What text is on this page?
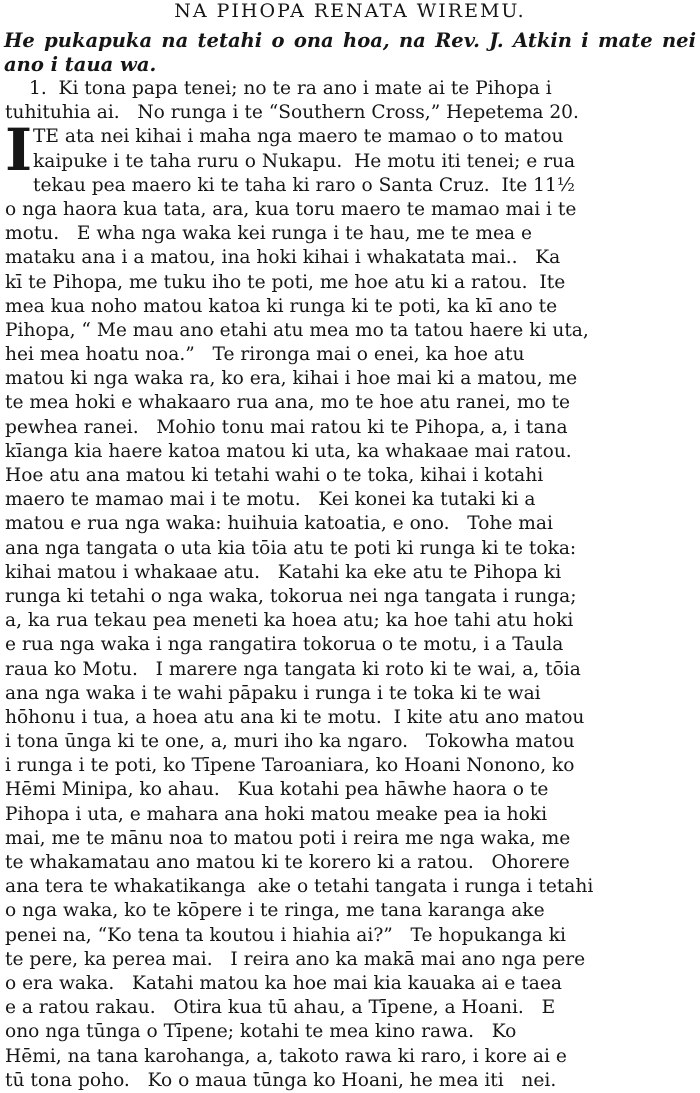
NA PIHOPA RENATA WIREMU.
He pukapuka na tetahi o ona hoa, na Rev. J. Atkin i mate nei ano i taua wa.
I
1.  Ki tona papa tenei; no te ra ano i mate ai te Pihopa i
tuhituhia ai.   No runga i te “Southern Cross,” Hepetema 20.
TE ata nei kihai i maha nga maero te mamao o to matou
kaipuke i te taha ruru o Nukapu.  He motu iti tenei; e rua
tekau pea maero ki te taha ki raro o Santa Cruz.  Ite 11½
o nga haora kua tata, ara, kua toru maero te mamao mai i te
motu.   E wha nga waka kei runga i te hau, me te mea e
mataku ana i a matou, ina hoki kihai i whakatata mai..   Ka
kī te Pihopa, me tuku iho te poti, me hoe atu ki a ratou.  Ite
mea kua noho matou katoa ki runga ki te poti, ka kī ano te
Pihopa, “ Me mau ano etahi atu mea mo ta tatou haere ki uta,
hei mea hoatu noa.”   Te rironga mai o enei, ka hoe atu
matou ki nga waka ra, ko era, kihai i hoe mai ki a matou, me
te mea hoki e whakaaro rua ana, mo te hoe atu ranei, mo te
pewhea ranei.   Mohio tonu mai ratou ki te Pihopa, a, i tana
kīanga kia haere katoa matou ki uta, ka whakaae mai ratou.
Hoe atu ana matou ki tetahi wahi o te toka, kihai i kotahi
maero te mamao mai i te motu.   Kei konei ka tutaki ki a
matou e rua nga waka: huihuia katoatia, e ono.   Tohe mai
ana nga tangata o uta kia tōia atu te poti ki runga ki te toka:
kihai matou i whakaae atu.   Katahi ka eke atu te Pihopa ki
runga ki tetahi o nga waka, tokorua nei nga tangata i runga;
a, ka rua tekau pea meneti ka hoea atu; ka hoe tahi atu hoki
e rua nga waka i nga rangatira tokorua o te motu, i a Taula
raua ko Motu.   I marere nga tangata ki roto ki te wai, a, tōia
ana nga waka i te wahi pāpaku i runga i te toka ki te wai
hōhonu i tua, a hoea atu ana ki te motu.  I kite atu ano matou
i tona ūnga ki te one, a, muri iho ka ngaro.   Tokowha matou
i runga i te poti, ko Tīpene Taroaniara, ko Hoani Nonono, ko
Hēmi Minipa, ko ahau.   Kua kotahi pea hāwhe haora o te
Pihopa i uta, e mahara ana hoki matou meake pea ia hoki
mai, me te mānu noa to matou poti i reira me nga waka, me
te whakamatau ano matou ki te korero ki a ratou.   Ohorere
ana tera te whakatikanga  ake o tetahi tangata i runga i tetahi
o nga waka, ko te kōpere i te ringa, me tana karanga ake
penei na, “Ko tena ta koutou i hiahia ai?”   Te hopukanga ki
te pere, ka perea mai.   I reira ano ka makā mai ano nga pere
o era waka.   Katahi matou ka hoe mai kia kauaka ai e taea
e a ratou rakau.   Otira kua tū ahau, a Tīpene, a Hoani.   E
ono nga tūnga o Tīpene; kotahi te mea kino rawa.   Ko
Hēmi, na tana karohanga, a, takoto rawa ki raro, i kore ai e
tū tona poho.   Ko o maua tūnga ko Hoani, he mea iti   nei.
